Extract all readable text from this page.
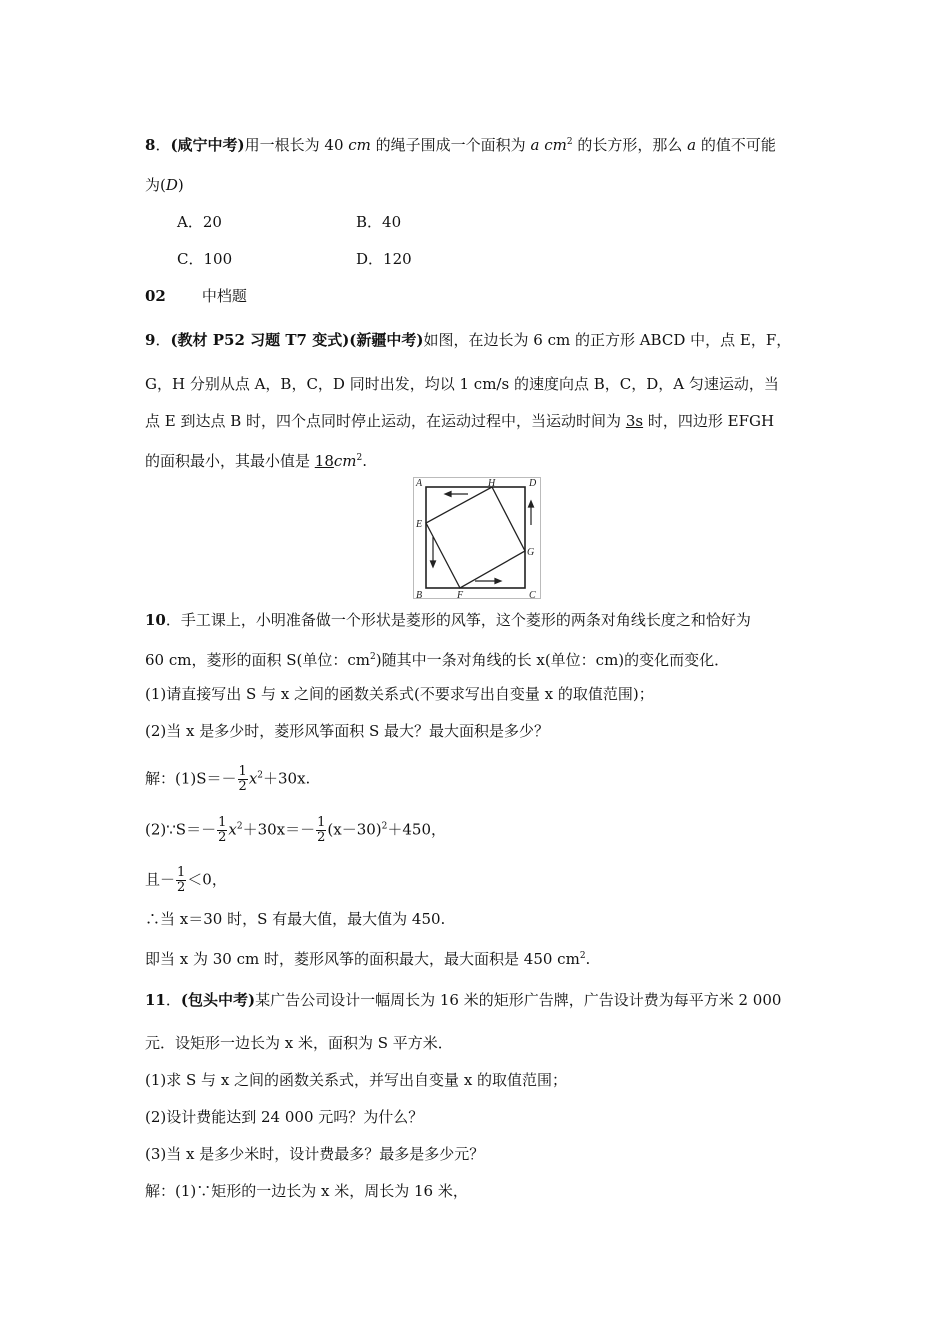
8．(咸宁中考)用一根长为 40 cm 的绳子围成一个面积为 a $cm^2$ 的长方形，那么 a 的值不可能
为(D)
A．20	B．40
C．100	D．120
02 中档题
9．(教材 P52 习题 T7 变式)(新疆中考)如图，在边长为 6 cm 的正方形 ABCD 中，点 E，F，
G，H 分别从点 A，B，C，D 同时出发，均以 1 cm/s 的速度向点 B，C，D，A 匀速运动，当
点 E 到达点 B 时，四个点同时停止运动，在运动过程中，当运动时间为 3s 时，四边形 EFGH
的面积最小，其最小值是 $18cm^2$.
A
B	C
D
E
F
G
H
10．手工课上，小明准备做一个形状是菱形的风筝，这个菱形的两条对角线长度之和恰好为
60 cm，菱形的面积 S(单位：$cm^2$)随其中一条对角线的长 x(单位：cm)的变化而变化．
(1)请直接写出 S 与 x 之间的函数关系式(不要求写出自变量 x 的取值范围)；
(2)当 x 是多少时，菱形风筝面积 S 最大？最大面积是多少？
解：$(1)S=- \frac{1}{2} x^2+30x$.
(2)∵S＝－ $\frac{1}{2} x^2+30x=- \frac{1}{2} (x-30)^2+450$，
且－ $\frac{1}{2} <0$，
∴当 x＝30 时，S 有最大值，最大值为 450.
即当 x 为 30 cm 时，菱形风筝的面积最大，最大面积是 450 $cm^2$.
11．(包头中考)某广告公司设计一幅周长为 16 米的矩形广告牌，广告设计费为每平方米 2 000
元．设矩形一边长为 x 米，面积为 S 平方米．
(1)求 S 与 x 之间的函数关系式，并写出自变量 x 的取值范围；
(2)设计费能达到 24 000 元吗？为什么？
(3)当 x 是多少米时，设计费最多？最多是多少元？
解：(1)∵矩形的一边长为 x 米，周长为 16 米，
